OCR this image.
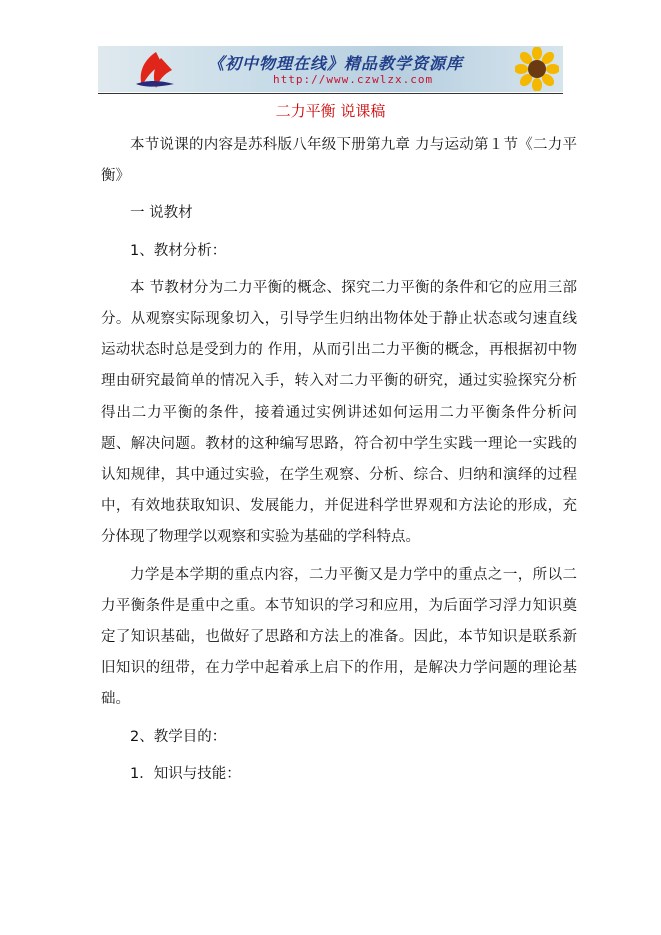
《初中物理在线》精品教学资源库
http://www.czwlzx.com
二力平衡 说课稿

本节说课的内容是苏科版八年级下册第九章 力与运动第１节《二力平衡》

一 说教材

1、教材分析：

本 节教材分为二力平衡的概念、探究二力平衡的条件和它的应用三部分。从观察实际现象切入，引导学生归纳出物体处于静止状态或匀速直线运动状态时总是受到力的 作用，从而引出二力平衡的概念，再根据初中物理由研究最简单的情况入手，转入对二力平衡的研究，通过实验探究分析得出二力平衡的条件，接着通过实例讲述如何运用二力平衡条件分析问题、解决问题。教材的这种编写思路，符合初中学生实践一理论一实践的认知规律，其中通过实验，在学生观察、分析、综合、归纳和演绎的过程中，有效地获取知识、发展能力，并促进科学世界观和方法论的形成，充分体现了物理学以观察和实验为基础的学科特点。

力学是本学期的重点内容，二力平衡又是力学中的重点之一，所以二力平衡条件是重中之重。本节知识的学习和应用，为后面学习浮力知识奠定了知识基础，也做好了思路和方法上的准备。因此，本节知识是联系新旧知识的纽带，在力学中起着承上启下的作用，是解决力学问题的理论基础。

2、教学目的：

1．知识与技能：
